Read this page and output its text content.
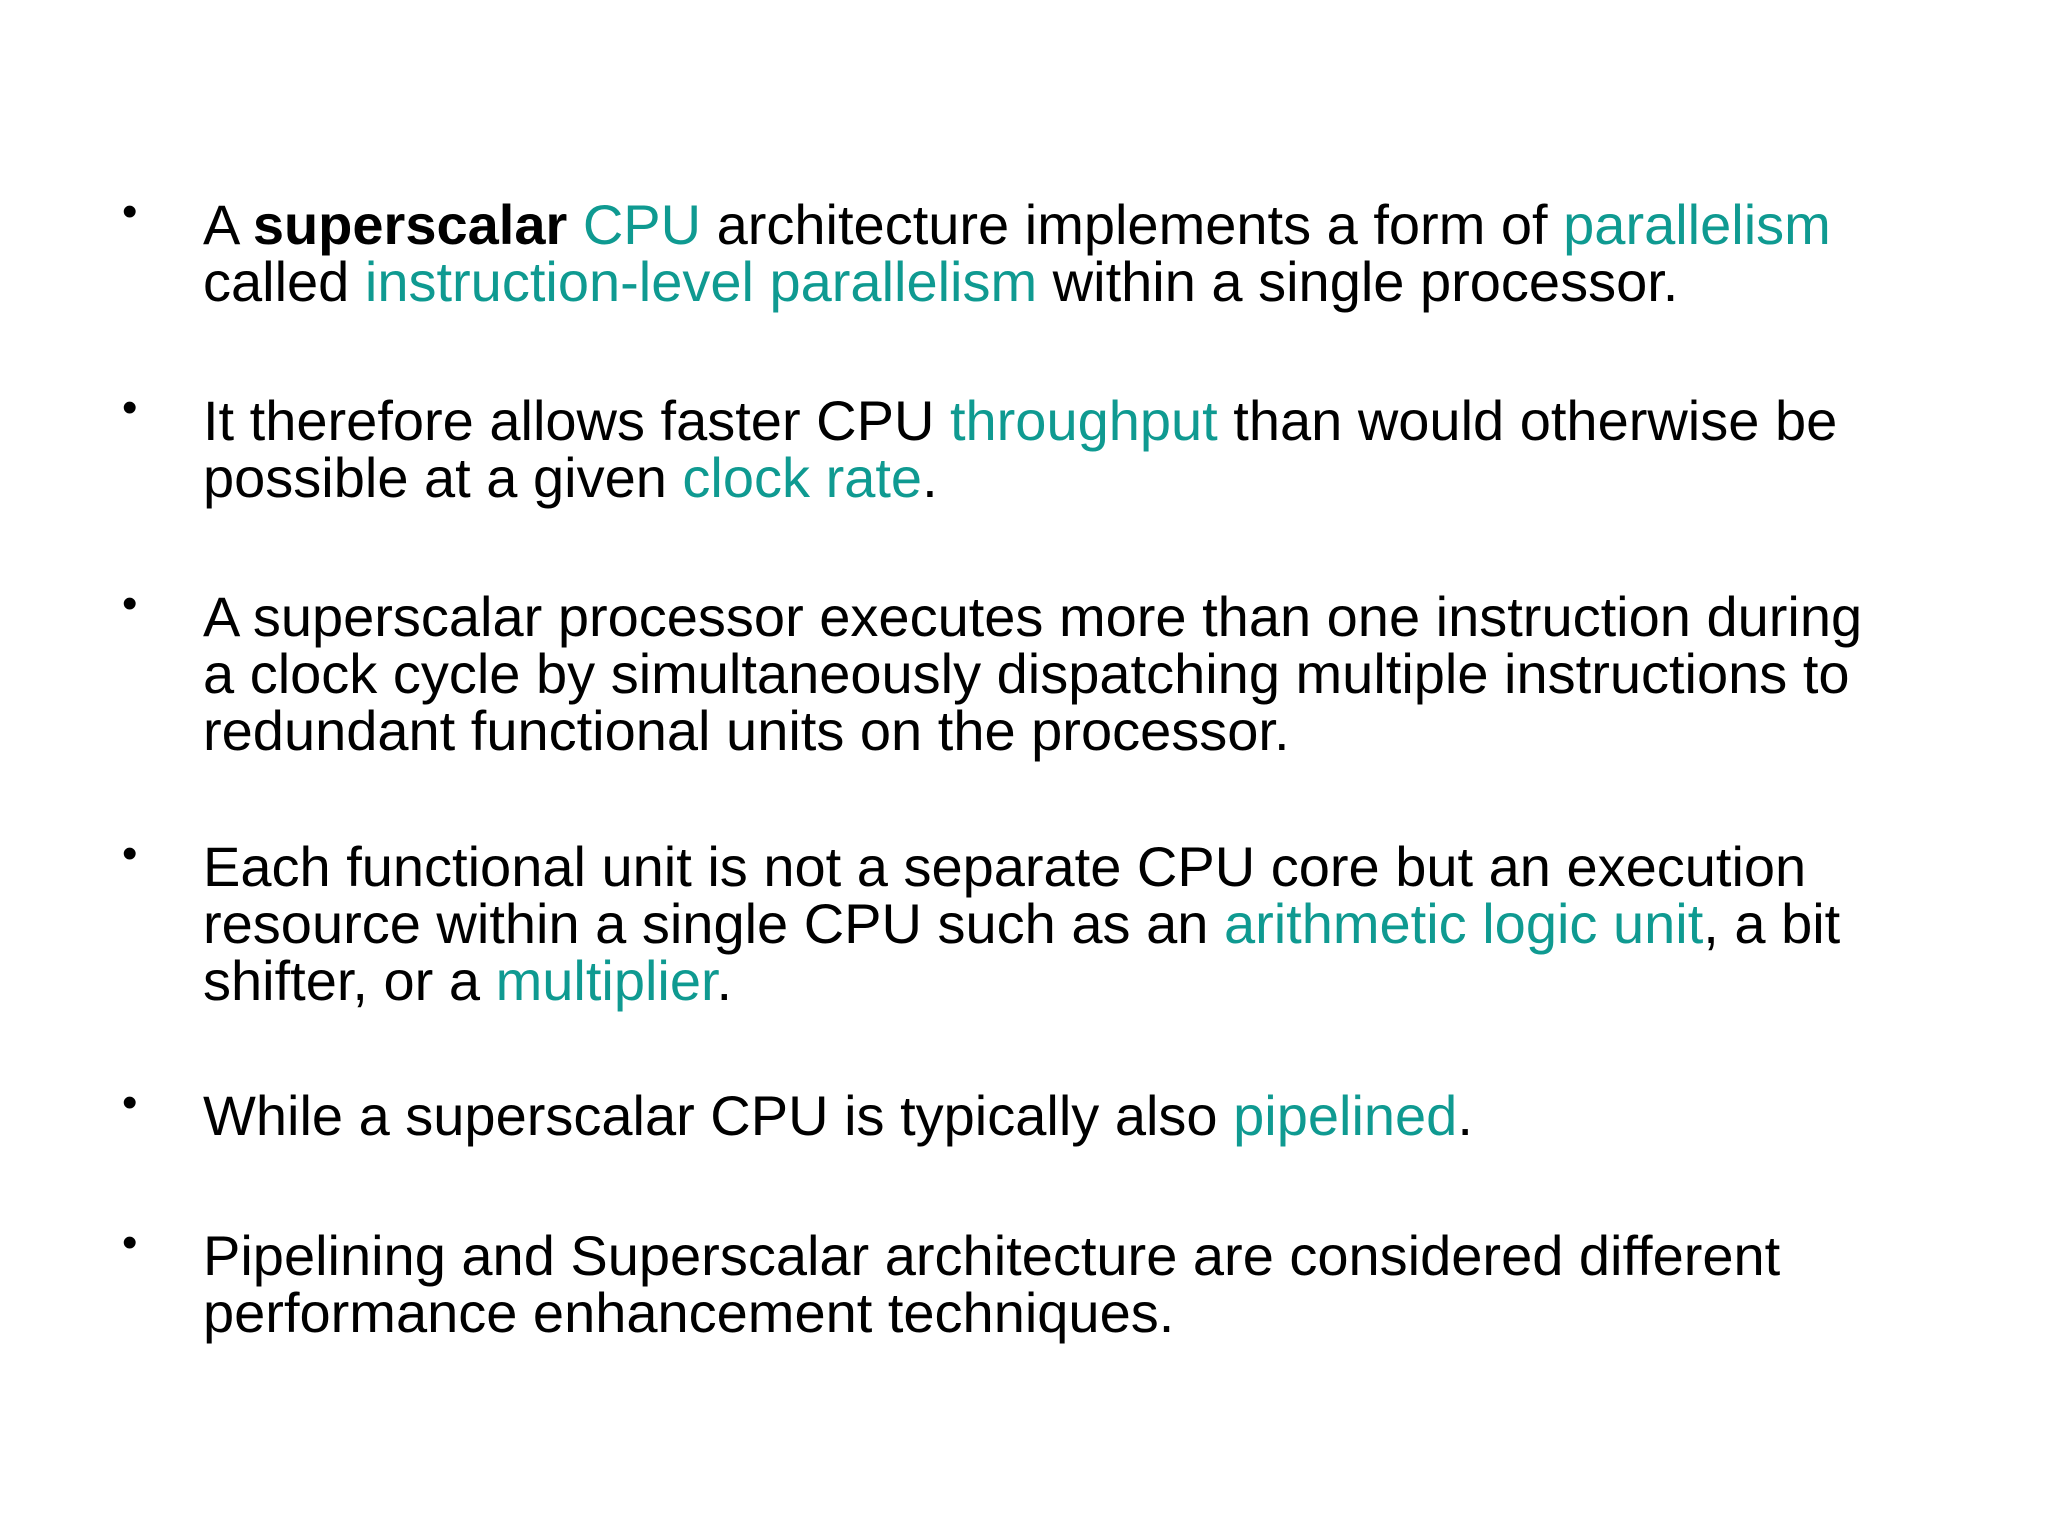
• A superscalar CPU architecture implements a form of parallelism
called instruction-level parallelism within a single processor.

• It therefore allows faster CPU throughput than would otherwise be
possible at a given clock rate.

• A superscalar processor executes more than one instruction during
a clock cycle by simultaneously dispatching multiple instructions to
redundant functional units on the processor.

• Each functional unit is not a separate CPU core but an execution
resource within a single CPU such as an arithmetic logic unit, a bit
shifter, or a multiplier.

• While a superscalar CPU is typically also pipelined.

• Pipelining and Superscalar architecture are considered different
performance enhancement techniques.
